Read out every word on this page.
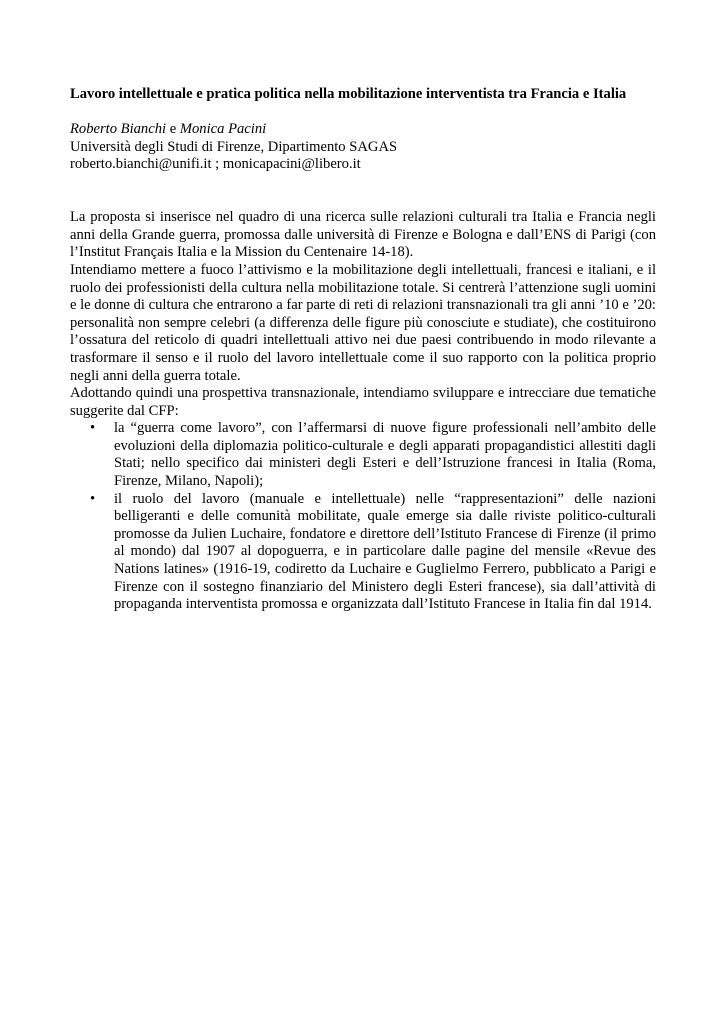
Lavoro intellettuale e pratica politica nella mobilitazione interventista tra Francia e Italia

Roberto Bianchi e Monica Pacini
Università degli Studi di Firenze, Dipartimento SAGAS
roberto.bianchi@unifi.it ; monicapacini@libero.it

La proposta si inserisce nel quadro di una ricerca sulle relazioni culturali tra Italia e Francia negli anni della Grande guerra, promossa dalle università di Firenze e Bologna e dall’ENS di Parigi (con l’Institut Français Italia e la Mission du Centenaire 14-18).

Intendiamo mettere a fuoco l’attivismo e la mobilitazione degli intellettuali, francesi e italiani, e il ruolo dei professionisti della cultura nella mobilitazione totale. Si centrerà l’attenzione sugli uomini e le donne di cultura che entrarono a far parte di reti di relazioni transnazionali tra gli anni ’10 e ’20: personalità non sempre celebri (a differenza delle figure più conosciute e studiate), che costituirono l’ossatura del reticolo di quadri intellettuali attivo nei due paesi contribuendo in modo rilevante a trasformare il senso e il ruolo del lavoro intellettuale come il suo rapporto con la politica proprio negli anni della guerra totale.

Adottando quindi una prospettiva transnazionale, intendiamo sviluppare e intrecciare due tematiche suggerite dal CFP:

• la “guerra come lavoro”, con l’affermarsi di nuove figure professionali nell’ambito delle evoluzioni della diplomazia politico-culturale e degli apparati propagandistici allestiti dagli Stati; nello specifico dai ministeri degli Esteri e dell’Istruzione francesi in Italia (Roma, Firenze, Milano, Napoli);
• il ruolo del lavoro (manuale e intellettuale) nelle “rappresentazioni” delle nazioni belligeranti e delle comunità mobilitate, quale emerge sia dalle riviste politico-culturali promosse da Julien Luchaire, fondatore e direttore dell’Istituto Francese di Firenze (il primo al mondo) dal 1907 al dopoguerra, e in particolare dalle pagine del mensile «Revue des Nations latines» (1916-19, codiretto da Luchaire e Guglielmo Ferrero, pubblicato a Parigi e Firenze con il sostegno finanziario del Ministero degli Esteri francese), sia dall’attività di propaganda interventista promossa e organizzata dall’Istituto Francese in Italia fin dal 1914.
